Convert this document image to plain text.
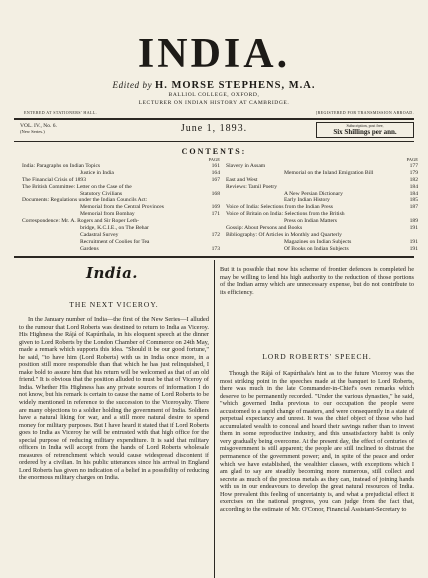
INDIA.
Edited by H. MORSE STEPHENS, M.A.
BALLIOL COLLEGE, OXFORD,
LECTURER ON INDIAN HISTORY AT CAMBRIDGE.
ENTERED AT STATIONERS' HALL.	[REGISTERED FOR TRANSMISSION ABROAD.
VOL. IV., No. 6.
(New Series.)	June 1, 1893.	Subscription, post free,
Six Shillings per ann.
CONTENTS:
PAGE
India: Paragraphs on Indian Topics	161
Justice in India	164
The Financial Crisis of 1893	167
The British Committee: Letter on the Case of the
Statutory Civilians	168
Documents: Regulations under the Indian Councils Act:
Memorial from the Central Provinces	169
Memorial from Bombay	171
Correspondence: Mr. A. Rogers and Sir Roper Leth-
bridge, K.C.I.E., on The Behar
Cadastral Survey	172
Recruitment of Coolies for Tea
Gardens	173
PAGE
Slavery in Assam	177
Memorial on the Inland Emigration Bill	179
East and West	182
Reviews: Tamil Poetry	184
A New Persian Dictionary	184
Early Indian History	185
Voice of India: Selections from the Indian Press	187
Voice of Britain on India: Selections from the British
Press on Indian Matters	189
Gossip: About Persons and Books	191
Bibliography: Of Articles in Monthly and Quarterly
Magazines on Indian Subjects	191
Of Books on Indian Subjects	191
India.
THE NEXT VICEROY.

In the January number of India—the first of the New Series—I alluded to the rumour that Lord Roberts was destined to return to India as Viceroy. His Highness the Rájá of Kapúrthala, in his eloquent speech at the dinner given to Lord Roberts by the London Chamber of Commerce on 24th May, made a remark which supports this idea. "Should it be our good fortune," he said, "to have him (Lord Roberts) with us in India once more, in a position still more responsible than that which he has just relinquished, I make bold to assure him that his return will be welcomed as that of an old friend." It is obvious that the position alluded to must be that of Viceroy of India. Whether His Highness has any private sources of information I do not know, but his remark is certain to cause the name of Lord Roberts to be widely mentioned in reference to the succession to the Viceroyalty. There are many objections to a soldier holding the government of India. Soldiers have a natural liking for war, and a still more natural desire to spend money for military purposes. But I have heard it stated that if Lord Roberts goes to India as Viceroy he will be entrusted with that high office for the special purpose of reducing military expenditure. It is said that military officers in India will accept from the hands of Lord Roberts wholesale measures of retrenchment which would cause widespread discontent if ordered by a civilian. In his public utterances since his arrival in England Lord Roberts has given no indication of a belief in a possibility of reducing the enormous military charges on India.

But it is possible that now his scheme of frontier defences is completed he may be willing to lend his high authority to the reduction of those portions of the Indian army which are unnecessary expense, but do not contribute to its efficiency.

LORD ROBERTS' SPEECH.

Though the Rájá of Kapúrthala's hint as to the future Viceroy was the most striking point in the speeches made at the banquet to Lord Roberts, there was much in the late Commander-in-Chief's own remarks which deserve to be permanently recorded. "Under the various dynasties," he said, "which governed India previous to our occupation the people were accustomed to a rapid change of masters, and were consequently in a state of perpetual expectancy and unrest. It was the chief object of those who had accumulated wealth to conceal and hoard their savings rather than to invest them in some reproductive industry, and this unsatisfactory habit is only very gradually being overcome. At the present day, the effect of centuries of misgovernment is still apparent; the people are still inclined to distrust the permanence of the government power; and, in spite of the peace and order which we have established, the wealthier classes, with exceptions which I am glad to say are steadily becoming more numerous, still collect and secrete as much of the precious metals as they can, instead of joining hands with us in our endeavours to develop the great natural resources of India. How prevalent this feeling of uncertainty is, and what a prejudicial effect it exercises on the national progress, you can judge from the fact that, according to the estimate of Mr. O'Conor, Financial Assistant-Secretary to
